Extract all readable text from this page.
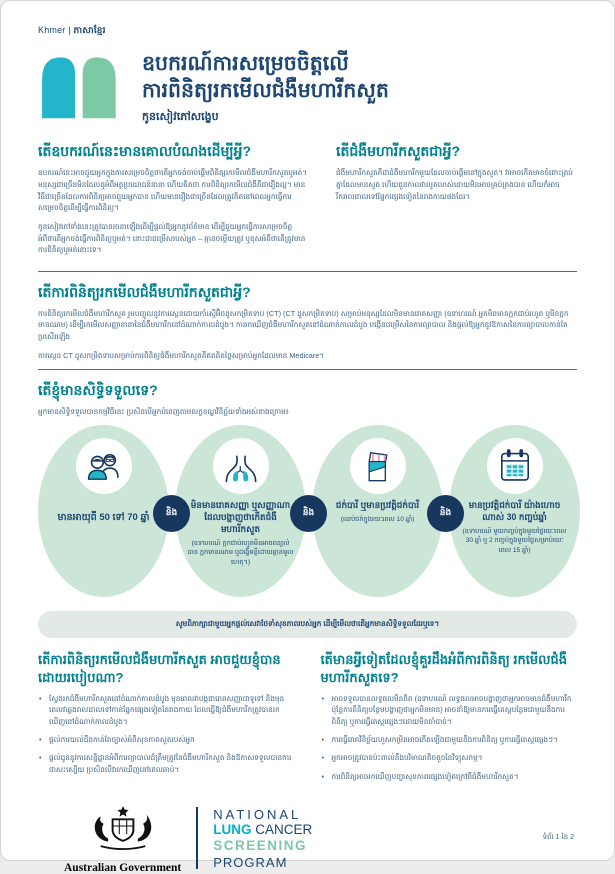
Khmer | ភាសាខ្មែរ
ឧបករណ៍ការសម្រេចចិត្តលើ
ការពិនិត្យរកមើលជំងឺមហារីកសួត
កូនសៀវភៅសង្ខេប
តើឧបករណ៍នេះមានគោលបំណងដើម្បីអ្វី?

ឧបករណ៍នេះអាចជួយអ្នកក្នុងការសម្រេចចិត្តថាតើអ្នកចង់ចាប់ផ្តើមពិនិត្យរកមើលជំងឺមហារីកសួតឬអត់។ មនុស្សជាច្រើនមិនដែលឮអំពីអត្ថប្រយោជន៍នានា ហើយគិតថា ការពិនិត្យរកមើលជំងឺគឺជារឿងល្អ។ មានវិធីជាច្រើនដែលការពិនិត្យអាចជួយអ្នកបាន ហើយមានរឿងជាច្រើនដែលត្រូវគិតនៅពេលអ្នកធ្វើការសម្រេចចិត្តដើម្បីធ្វើការពិនិត្យ។

កូនសៀវភៅទាំងនេះត្រូវបានរចនាឡើងដើម្បីផ្តល់ឱ្យអ្នកនូវព័ត៌មាន ដើម្បីជួយអ្នកធ្វើការសម្រេចចិត្តអំពីថាតើអ្នកចង់ធ្វើការពិនិត្យឬអត់។ នោះជាជម្រើសរបស់អ្នក – គ្មានចម្លើយត្រូវ ឬខុសអំពីថាតើត្រូវមានការពិនិត្យឬអត់នោះទេ។

តើជំងឺមហារីកសួតជាអ្វី?

ជំងឺមហារីកសួតគឺជាជំងឺមហារីកមួយដែលចាប់ផ្តើមនៅក្នុងសួត។ វាអាចកើតមានចំពោះគ្រប់គ្នាដែលមានសួត ហើយជួនកាលវាលូតលាស់ដោយមិនអាចគ្រប់គ្រងបាន ហើយក៏អាចរីករាលដាលទៅផ្នែកផ្សេងទៀតនៃរាងកាយផងដែរ។

តើការពិនិត្យរកមើលជំងឺមហារីកសួតជាអ្វី?

ការពិនិត្យរកមើលជំងឺមហារីកសួត រួមបញ្ចូលនូវការស្កេនដោយកាំរស្មីអ៊ិចដូសកម្រិតទាប (CT) (CT ដូសកម្រិតទាប) សម្រាប់មនុស្សដែលមិនមានរោគសញ្ញា (ឧទាហរណ៍ អ្នកមិនមានក្អកជាប់រហូត ឬមិនក្អកមានឈាម) ដើម្បីរកមើលសញ្ញានានានៃជំងឺមហារីកនៅដំណាក់កាលដំបូង។ ការរកឃើញជំងឺមហារីកសួតនៅដំណាក់កាលដំបូង បង្កើនជម្រើសនៃការព្យាបាល និងផ្តល់ឱ្យអ្នកនូវឱកាសនៃការព្យាបាលកាន់តែប្រសើរឡើង

ការស្កេន CT ដូសកម្រិតទាបសម្រាប់ការពិនិត្យជំងឺមហារីកសួតគឺឥតគិតថ្លៃសម្រាប់អ្នកដែលមាន Medicare។

តើខ្ញុំមានសិទ្ធិទទួលទេ?

អ្នកមានសិទ្ធិទទួលបានកម្មវិធីនេះ ប្រសិនបើអ្នកបំពេញតាមលក្ខខណ្ឌវិនិច្ឆ័យទាំងអស់ខាងក្រោម៖

មានអាយុពី 50 ទៅ 70 ឆ្នាំ
មិនមានរោគសញ្ញា ឬសញ្ញាណាដែលបង្ហាញថាកើតជំងឺមហារីកសួត
(ឧទាហរណ៍ ក្អកជាប់រហូតមិនអាចពន្យល់បាន ក្អកមានឈាម ឬដង្ហើមខ្លីដោយគ្មានមូលហេតុ។)
ជក់បារី ឬមានប្រវត្តិជក់បារី
(ឈប់ជក់ក្នុងរយៈពេល 10 ឆ្នាំ)
មានប្រវត្តិជក់បារី យ៉ាងហោចណាស់ 30 កញ្ចប់ឆ្នាំ
(ឧទាហរណ៍ មួយកញ្ចប់ក្នុងមួយថ្ងៃរយៈពេល 30 ឆ្នាំ ឬ 2 កញ្ចប់ក្នុងមួយថ្ងៃសម្រាប់រយៈពេល 15 ឆ្នាំ)
និង	និង	និង
សូមពិភាក្សាជាមួយអ្នកផ្តល់សេវាថែទាំសុខភាពរបស់អ្នក ដើម្បីមើលថាតើអ្នកមានសិទ្ធិទទួលដែរឬទេ។
តើការពិនិត្យរកមើលជំងឺមហារីកសួត អាចជួយខ្ញុំបានដោយរបៀបណា?
• ស្វែងរកជំងឺមហារីកសួតនៅដំណាក់កាលដំបូង មុនពេលវាបង្កជារោគសញ្ញាជាទូទៅ និងមុនពេលវាឆ្លងរាលដាលទៅកាន់ផ្នែកផ្សេងទៀតនៃរាងកាយ ដែលធ្វើឱ្យជំងឺមហារីកត្រូវបានរកឃើញនៅដំណាក់កាលដំបូង។
• ផ្តល់ការយល់ដឹងកាន់តែច្បាស់អំពីសុខភាពសួតរបស់អ្នក
• ផ្តល់ជូននូវការសន្និដ្ឋានអំពីការព្យាបាលដ៏ត្រឹមត្រូវនៃជំងឺមហារីកសួត និងឱកាសទទួលបានការជាសះស្បើយ ប្រសិនបើវារកឃើញនៅពេលឆាប់។
តើមានអ្វីទៀតដែលខ្ញុំគួរដឹងអំពីការពិនិត្យ រកមើលជំងឺមហារីកសួតទេ?
• អាចទទួលបានលទ្ធផលមិនពិត (ឧទាហរណ៍ លទ្ធផលអាចបង្ហាញថាអ្នកអាចមានជំងឺមហារីក ប៉ុន្តែការពិនិត្យបន្ថែមបង្ហាញថាអ្នកមិនមាន) អាចនាំឱ្យមានការធ្វើតេស្តបន្ថែមជាមួយនឹងការពិនិត្យ ឬការធ្វើតេស្តផ្សេងៗដោយមិនចាំបាច់។
• ការធ្វើរោគវិនិច្ឆ័យហួសកម្រិតអាចកើតឡើងជាមួយនឹងការពិនិត្យ ឬការធ្វើតេស្តផ្សេងៗ។
• អ្នកអាចត្រូវបានប៉ះពាល់នឹងបរិមាណតិចតួចនៃវិទ្យុសកម្ម។
• ការពិនិត្យអាចរកឃើញបញ្ហាសុខភាពផ្សេងទៀតក្រៅពីជំងឺមហារីកសួត។
Australian Government
NATIONAL
LUNG CANCER
SCREENING
PROGRAM
ទំព័រ 1 នៃ 2
